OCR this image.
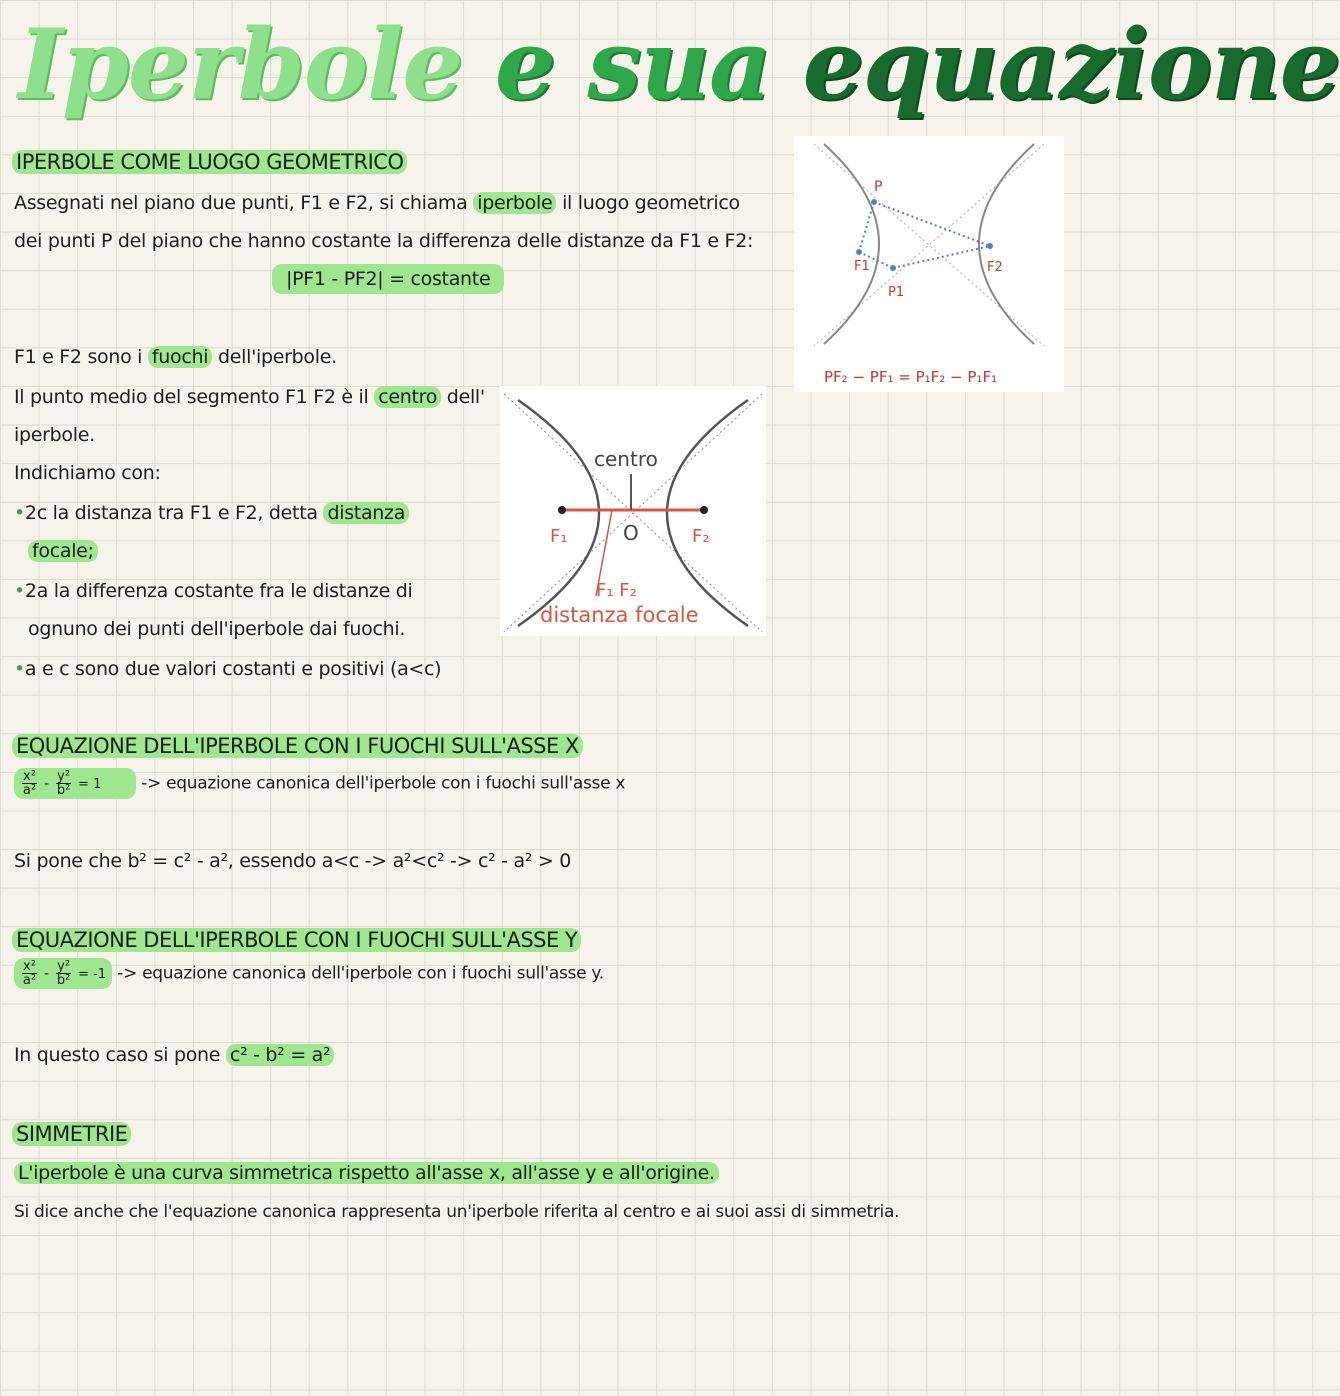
Iperbole e sua equazione
IPERBOLE COME LUOGO GEOMETRICO
Assegnati nel piano due punti, F1 e F2, si chiama iperbole il luogo geometrico
dei punti P del piano che hanno costante la differenza delle distanze da F1 e F2:
|PF1 - PF2| = costante
P
F1	F2
P1
PF₂ − PF₁ = P₁F₂ − P₁F₁
F1 e F2 sono i fuochi dell'iperbole.
Il punto medio del segmento F1 F2 è il centro dell'
iperbole.
Indichiamo con:
•2c la distanza tra F1 e F2, detta distanza
focale;
•2a la differenza costante fra le distanze di
ognuno dei punti dell'iperbole dai fuochi.
•a e c sono due valori costanti e positivi (a<c)
centro
O
F₁	F₂
F₁ F₂
distanza focale
EQUAZIONE DELL'IPERBOLE CON I FUOCHI SULL'ASSE X
$\frac{\text{x²}}{\text{a²}} - \frac{\text{y²}}{\text{b²}} = 1$ -> equazione canonica dell'iperbole con i fuochi sull'asse x
Si pone che b² = c² - a², essendo a<c -> a²<c² -> c² - a² > 0
EQUAZIONE DELL'IPERBOLE CON I FUOCHI SULL'ASSE Y
$\frac{\text{x²}}{\text{a²}} - \frac{\text{y²}}{\text{b²}} = -1$ -> equazione canonica dell'iperbole con i fuochi sull'asse y.
In questo caso si pone c² - b² = a²
SIMMETRIE
L'iperbole è una curva simmetrica rispetto all'asse x, all'asse y e all'origine.
Si dice anche che l'equazione canonica rappresenta un'iperbole riferita al centro e ai suoi assi di simmetria.
